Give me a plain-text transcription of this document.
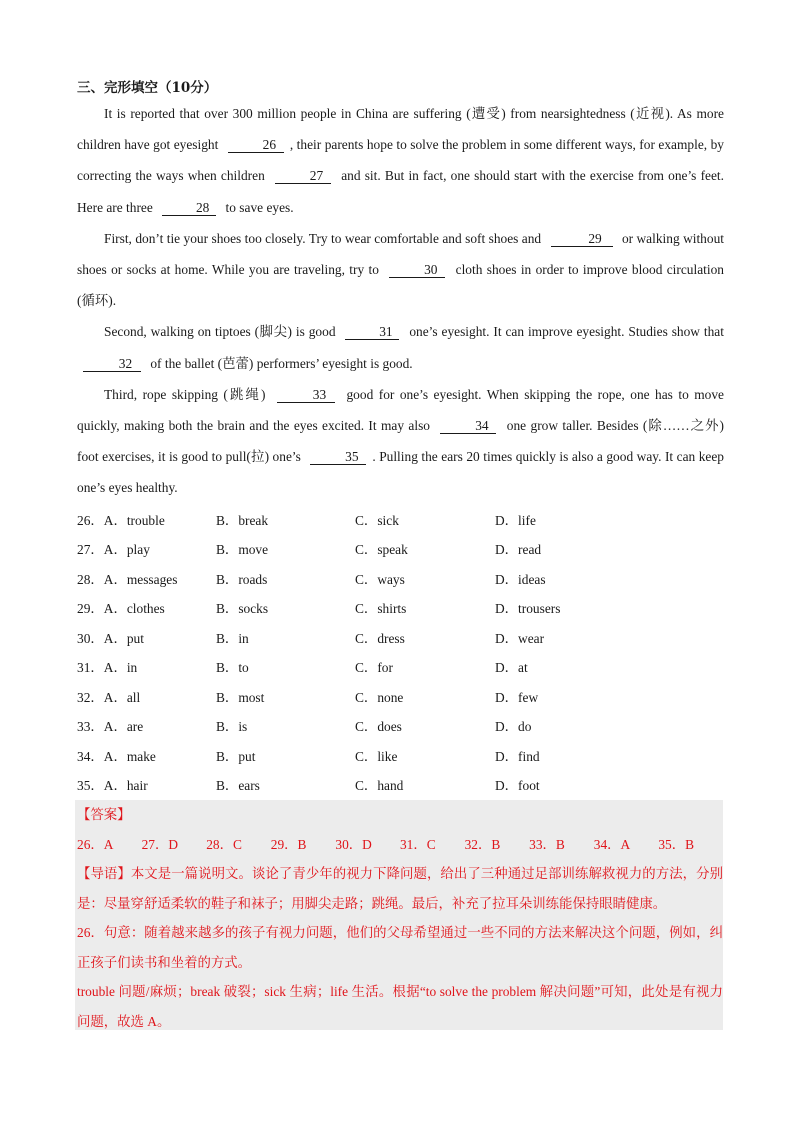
三、完形填空（10分）

It is reported that over 300 million people in China are suffering (遭受) from nearsightedness (近视). As more children have got eyesight	26 , their parents hope to solve the problem in some different ways, for example, by correcting the ways when children	27 and sit. But in fact, one should start with the exercise from one’s feet. Here are three	28 to save eyes.

First, don’t tie your shoes too closely. Try to wear comfortable and soft shoes and	29 or walking without shoes or socks at home. While you are traveling, try to	30 cloth shoes in order to improve blood circulation (循环).

Second, walking on tiptoes (脚尖) is good	31 one’s eyesight. It can improve eyesight. Studies show that 32 of the ballet (芭蕾) performers’ eyesight is good.

Third, rope skipping (跳绳)	33 good for one’s eyesight. When skipping the rope, one has to move quickly, making both the brain and the eyes excited. It may also	34 one grow taller. Besides (除……之外) foot exercises, it is good to pull(拉) one’s	35 . Pulling the ears 20 times quickly is also a good way. It can keep one’s eyes healthy.

26．A．trouble	B．break	C．sick	D．life
27．A．play	B．move	C．speak	D．read
28．A．messages	B．roads	C．ways	D．ideas
29．A．clothes	B．socks	C．shirts	D．trousers
30．A．put	B．in	C．dress	D．wear
31．A．in	B．to	C．for	D．at
32．A．all	B．most	C．none	D．few
33．A．are	B．is	C．does	D．do
34．A．make	B．put	C．like	D．find
35．A．hair	B．ears	C．hand	D．foot
【答案】
26．A	27．D	28．C	29．B	30．D	31．C	32．B	33．B	34．A	35．B
【导语】本文是一篇说明文。谈论了青少年的视力下降问题，给出了三种通过足部训练解救视力的方法，分别是：尽量穿舒适柔软的鞋子和袜子；用脚尖走路；跳绳。最后，补充了拉耳朵训练能保持眼睛健康。
26．句意：随着越来越多的孩子有视力问题，他们的父母希望通过一些不同的方法来解决这个问题，例如，纠正孩子们读书和坐着的方式。
trouble 问题/麻烦；break 破裂；sick 生病；life 生活。根据“to solve the problem 解决问题”可知，此处是有视力问题，故选 A。
